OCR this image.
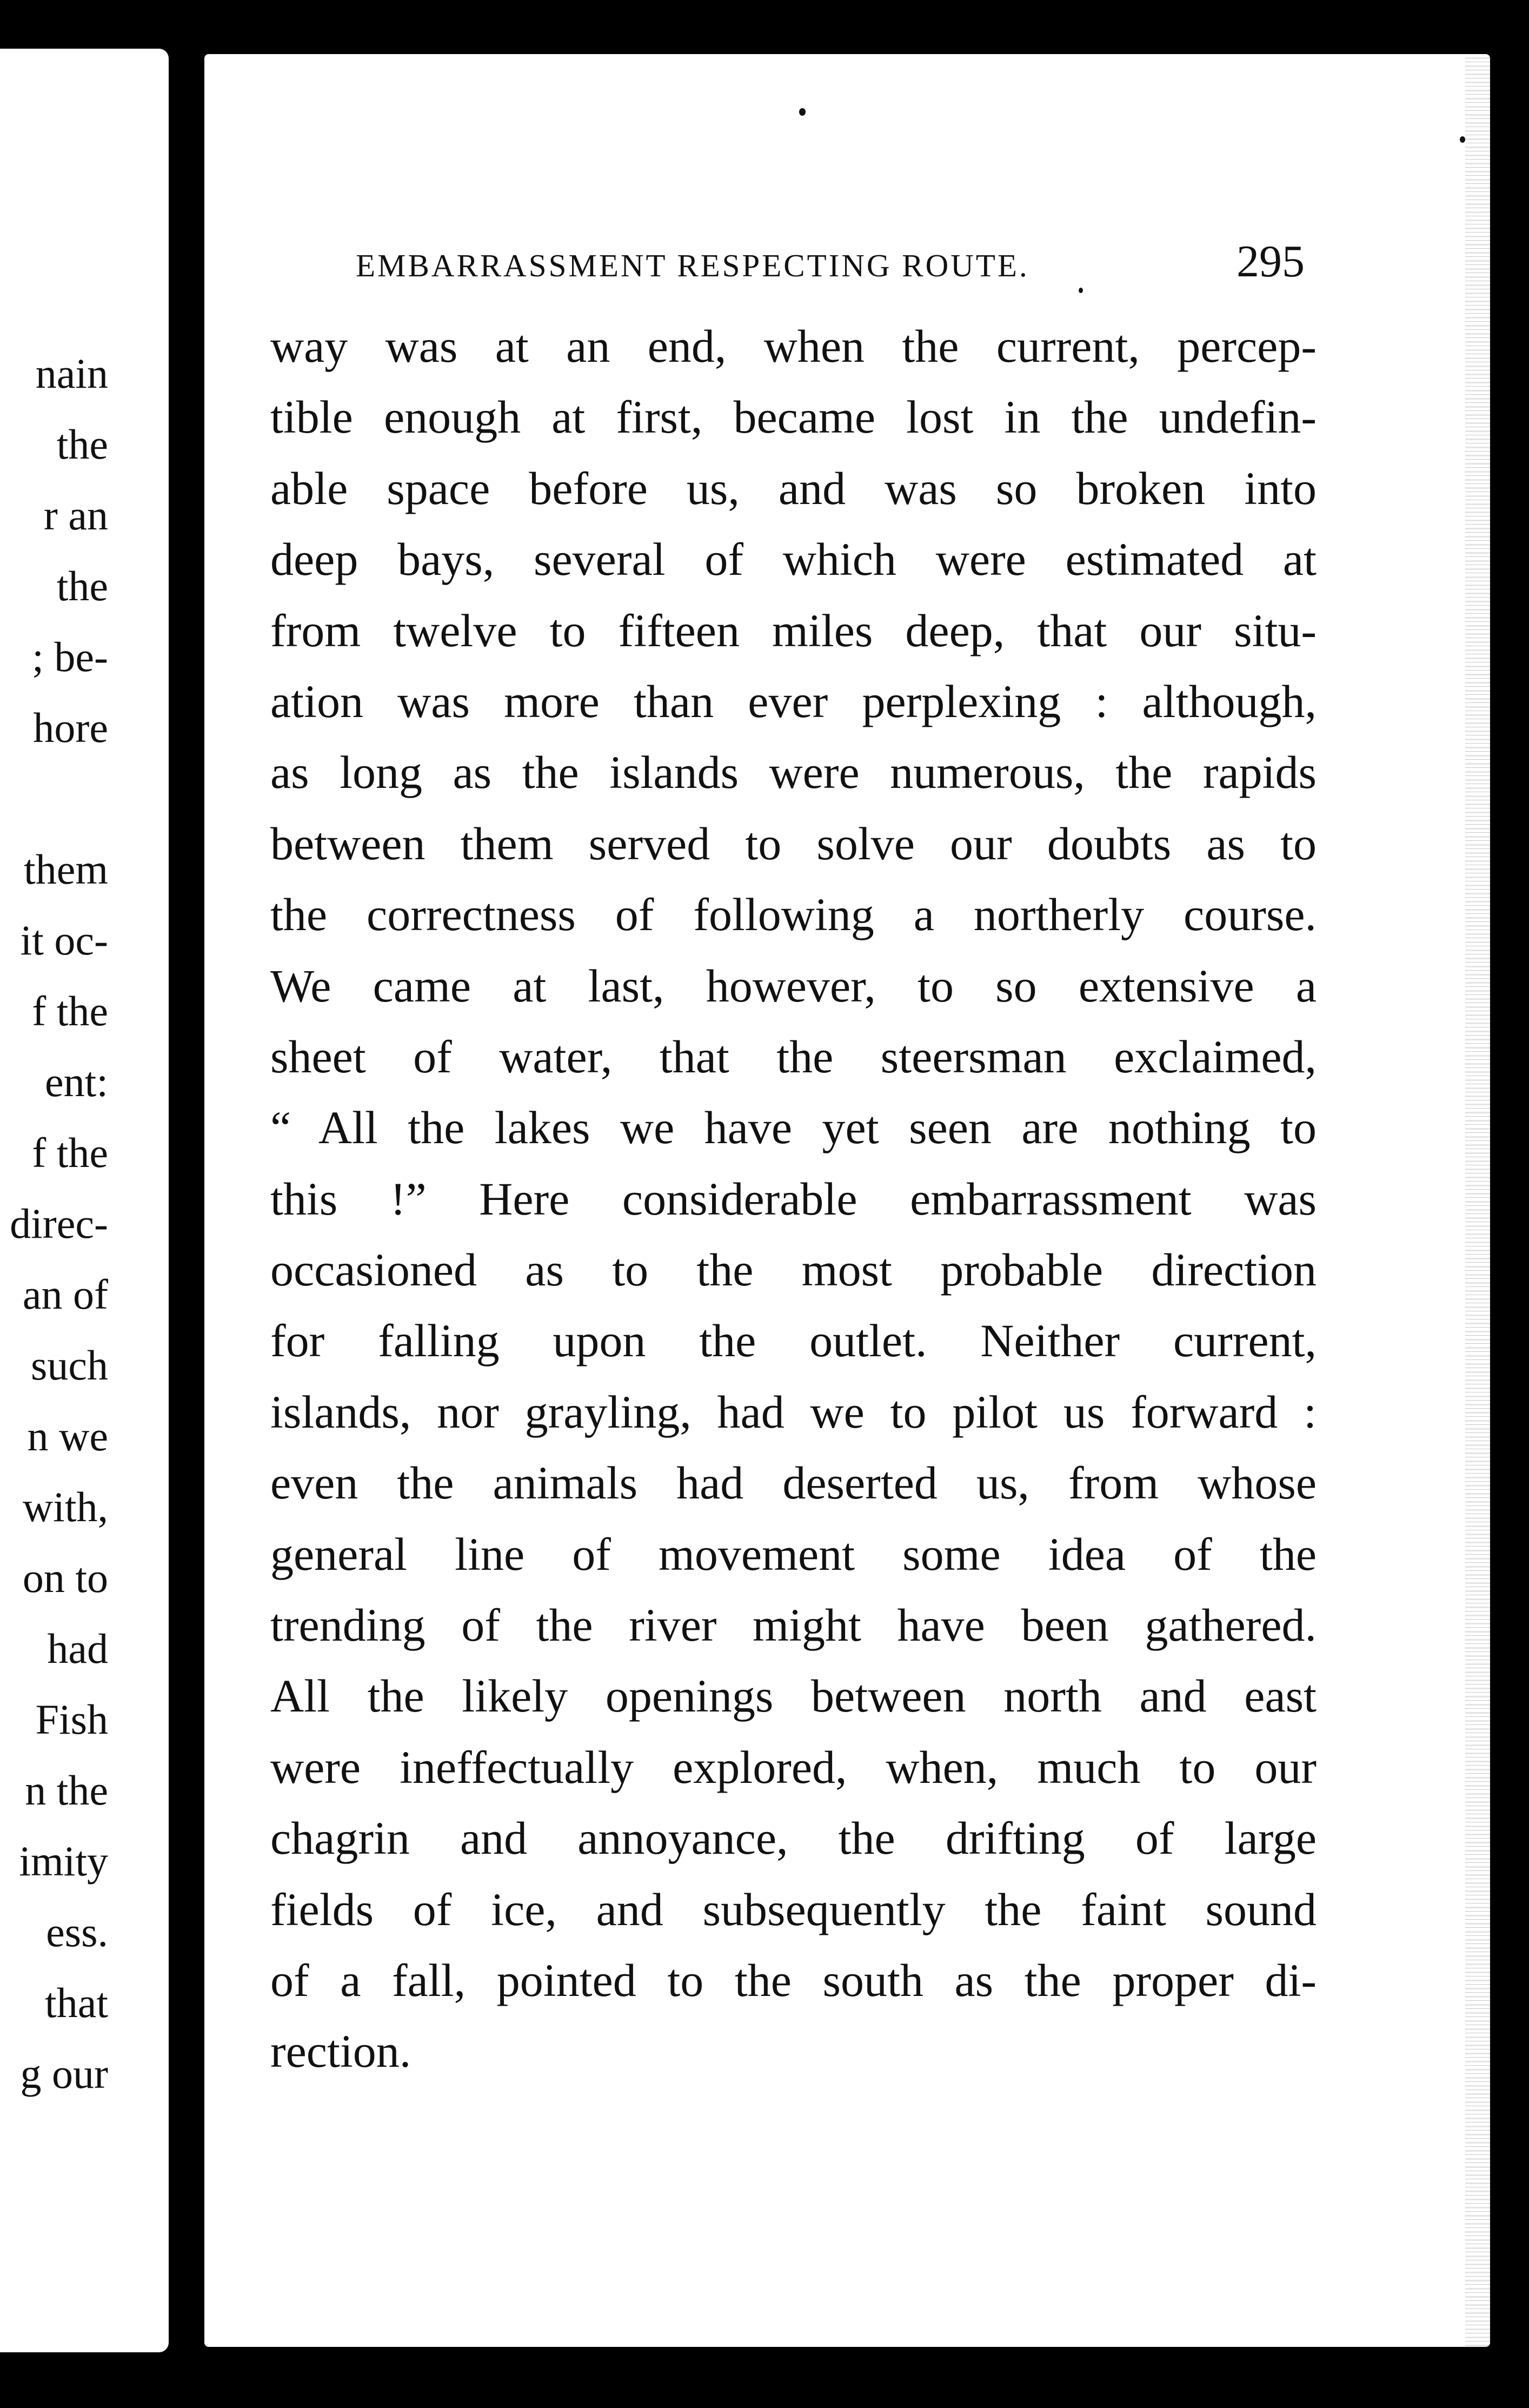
nain
the
r an
the
; be-
hore
them
it oc-
f the
ent:
f the
direc-
an of
such
n we
with,
on to
had
Fish
n the
imity
ess.
that
g our
EMBARRASSMENT RESPECTING ROUTE.	295
way was at an end, when the current, percep-
tible enough at first, became lost in the undefin-
able space before us, and was so broken into
deep bays, several of which were estimated at
from twelve to fifteen miles deep, that our situ-
ation was more than ever perplexing : although,
as long as the islands were numerous, the rapids
between them served to solve our doubts as to
the correctness of following a northerly course.
We came at last, however, to so extensive a
sheet of water, that the steersman exclaimed,
“ All the lakes we have yet seen are nothing to
this !” Here considerable embarrassment was
occasioned as to the most probable direction
for falling upon the outlet. Neither current,
islands, nor grayling, had we to pilot us forward :
even the animals had deserted us, from whose
general line of movement some idea of the
trending of the river might have been gathered.
All the likely openings between north and east
were ineffectually explored, when, much to our
chagrin and annoyance, the drifting of large
fields of ice, and subsequently the faint sound
of a fall, pointed to the south as the proper di-
rection.
